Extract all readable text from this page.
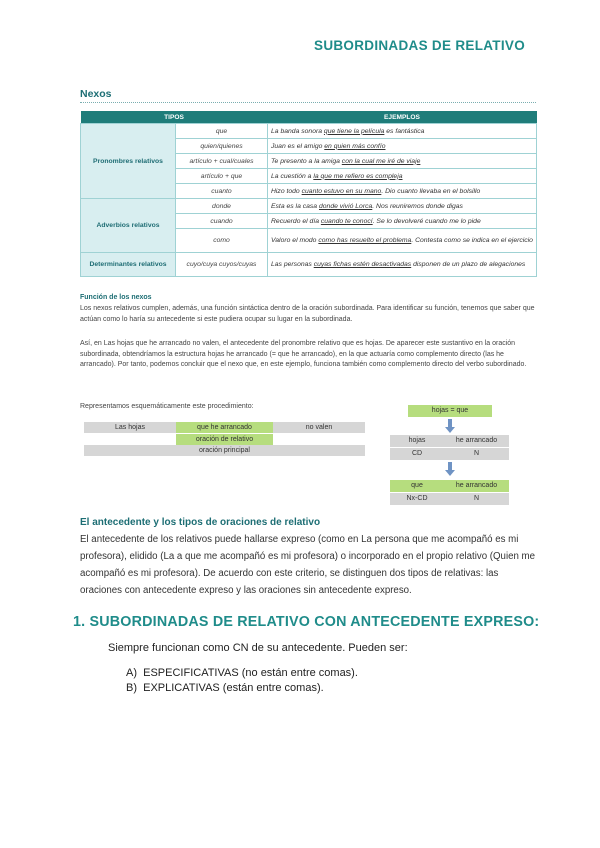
SUBORDINADAS DE RELATIVO
Nexos
TIPOS		EJEMPLOS
Pronombres relativos	que	La banda sonora que tiene la película es fantástica
	quien/quienes	Juan es el amigo en quien más confío
	artículo + cual/cuales	Te presento a la amiga con la cual me iré de viaje
	artículo + que	La cuestión a la que me refiero es compleja
	cuanto	Hizo todo cuanto estuvo en su mano. Dio cuanto llevaba en el bolsillo
Adverbios relativos	donde	Esta es la casa donde vivió Lorca. Nos reuniremos donde digas
	cuando	Recuerdo el día cuando te conocí. Se lo devolveré cuando me lo pide
	como	Valoro el modo como has resuelto el problema. Contesta como se indica en el ejercicio
Determinantes relativos	cuyo/cuya cuyos/cuyas	Las personas cuyas fichas estén desactivadas disponen de un plazo de alegaciones
Función de los nexos
Los nexos relativos cumplen, además, una función sintáctica dentro de la oración subordinada. Para identificar su función, tenemos que saber que actúan como lo haría su antecedente si este pudiera ocupar su lugar en la subordinada.
Así, en Las hojas que he arrancado no valen, el antecedente del pronombre relativo que es hojas. De aparecer este sustantivo en la oración subordinada, obtendríamos la estructura hojas he arrancado (= que he arrancado), en la que actuaría como complemento directo (las he arrancado). Por tanto, podemos concluir que el nexo que, en este ejemplo, funciona también como complemento directo del verbo subordinado.
Representamos esquemáticamente este procedimiento:
Las hojas	que he arrancado	no valen
oración de relativo
oración principal
hojas = que
hojas	he arrancado
CD	N
que	he arrancado
Nx-CD	N
El antecedente y los tipos de oraciones de relativo
El antecedente de los relativos puede hallarse expreso (como en La persona que me acompañó es mi profesora), elidido (La a que me acompañó es mi profesora) o incorporado en el propio relativo (Quien me acompañó es mi profesora). De acuerdo con este criterio, se distinguen dos tipos de relativas: las oraciones con antecedente expreso y las oraciones sin antecedente expreso.
1. SUBORDINADAS DE RELATIVO CON ANTECEDENTE EXPRESO:
Siempre funcionan como CN de su antecedente. Pueden ser:
A) ESPECIFICATIVAS (no están entre comas).
B) EXPLICATIVAS (están entre comas).
